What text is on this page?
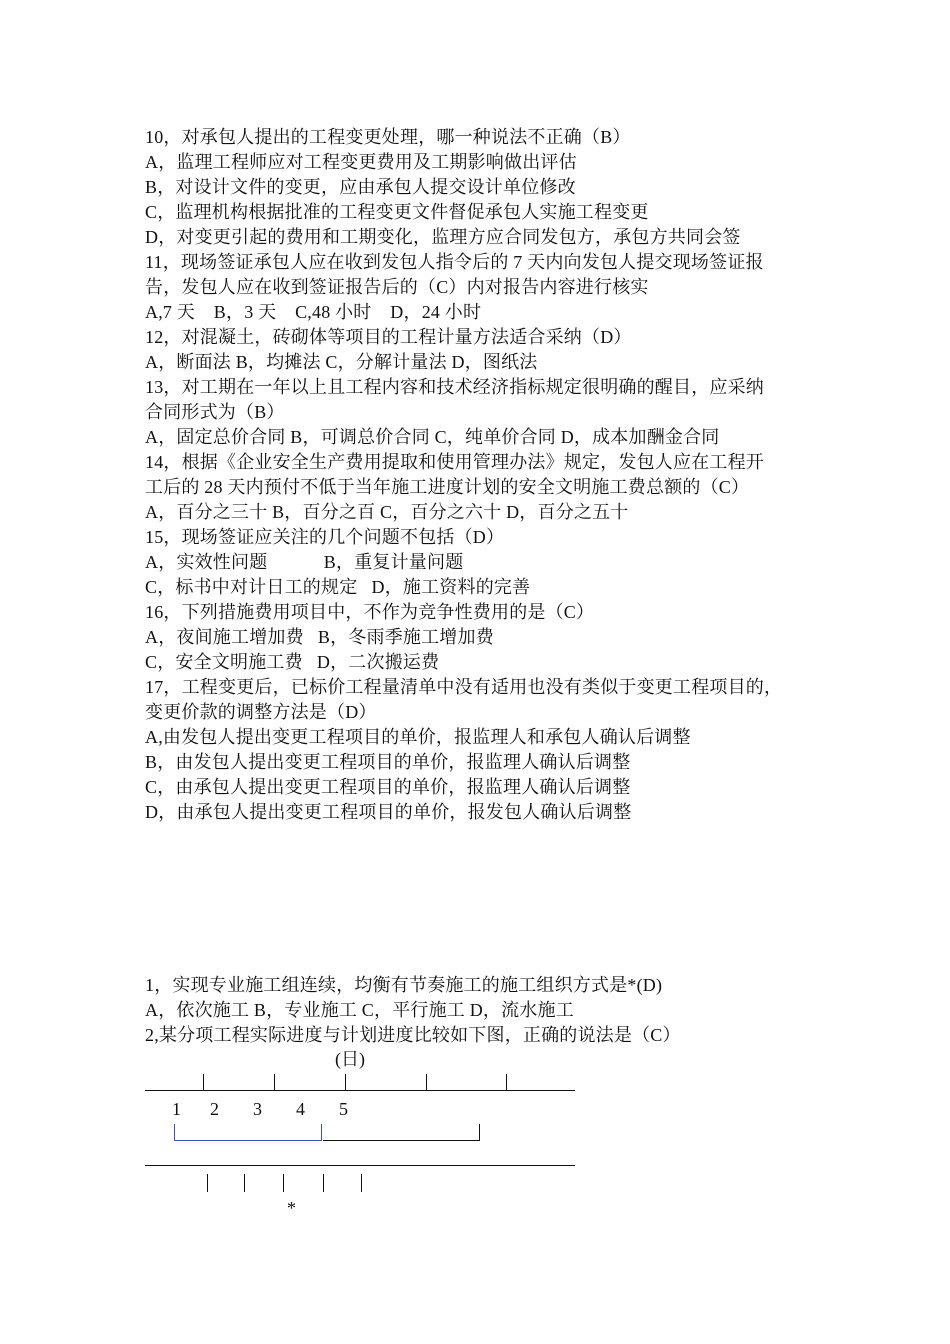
10，对承包人提出的工程变更处理，哪一种说法不正确（B）
A，监理工程师应对工程变更费用及工期影响做出评估
B，对设计文件的变更，应由承包人提交设计单位修改
C，监理机构根据批准的工程变更文件督促承包人实施工程变更
D，对变更引起的费用和工期变化，监理方应合同发包方，承包方共同会签
11，现场签证承包人应在收到发包人指令后的 7 天内向发包人提交现场签证报
告，发包人应在收到签证报告后的（C）内对报告内容进行核实
A,7 天    B，3 天    C,48 小时    D，24 小时
12，对混凝土，砖砌体等项目的工程计量方法适合采纳（D）
A，断面法 B，均摊法 C，分解计量法 D，图纸法
13，对工期在一年以上且工程内容和技术经济指标规定很明确的醒目，应采纳
合同形式为（B）
A，固定总价合同 B，可调总价合同 C，纯单价合同 D，成本加酬金合同
14，根据《企业安全生产费用提取和使用管理办法》规定，发包人应在工程开
工后的 28 天内预付不低于当年施工进度计划的安全文明施工费总额的（C）
A，百分之三十 B，百分之百 C，百分之六十 D，百分之五十
15，现场签证应关注的几个问题不包括（D）
A，实效性问题            B，重复计量问题
C，标书中对计日工的规定   D，施工资料的完善
16，下列措施费用项目中，不作为竞争性费用的是（C）
A，夜间施工增加费   B，冬雨季施工增加费
C，安全文明施工费   D，二次搬运费
17，工程变更后，已标价工程量清单中没有适用也没有类似于变更工程项目的，
变更价款的调整方法是（D）
A,由发包人提出变更工程项目的单价，报监理人和承包人确认后调整
B，由发包人提出变更工程项目的单价，报监理人确认后调整
C，由承包人提出变更工程项目的单价，报监理人确认后调整
D，由承包人提出变更工程项目的单价，报发包人确认后调整
1，实现专业施工组连续，均衡有节奏施工的施工组织方式是*(D)
A，依次施工 B，专业施工 C，平行施工 D，流水施工
2,某分项工程实际进度与计划进度比较如下图，正确的说法是（C）
(日)
1 2 3 4 5
*
